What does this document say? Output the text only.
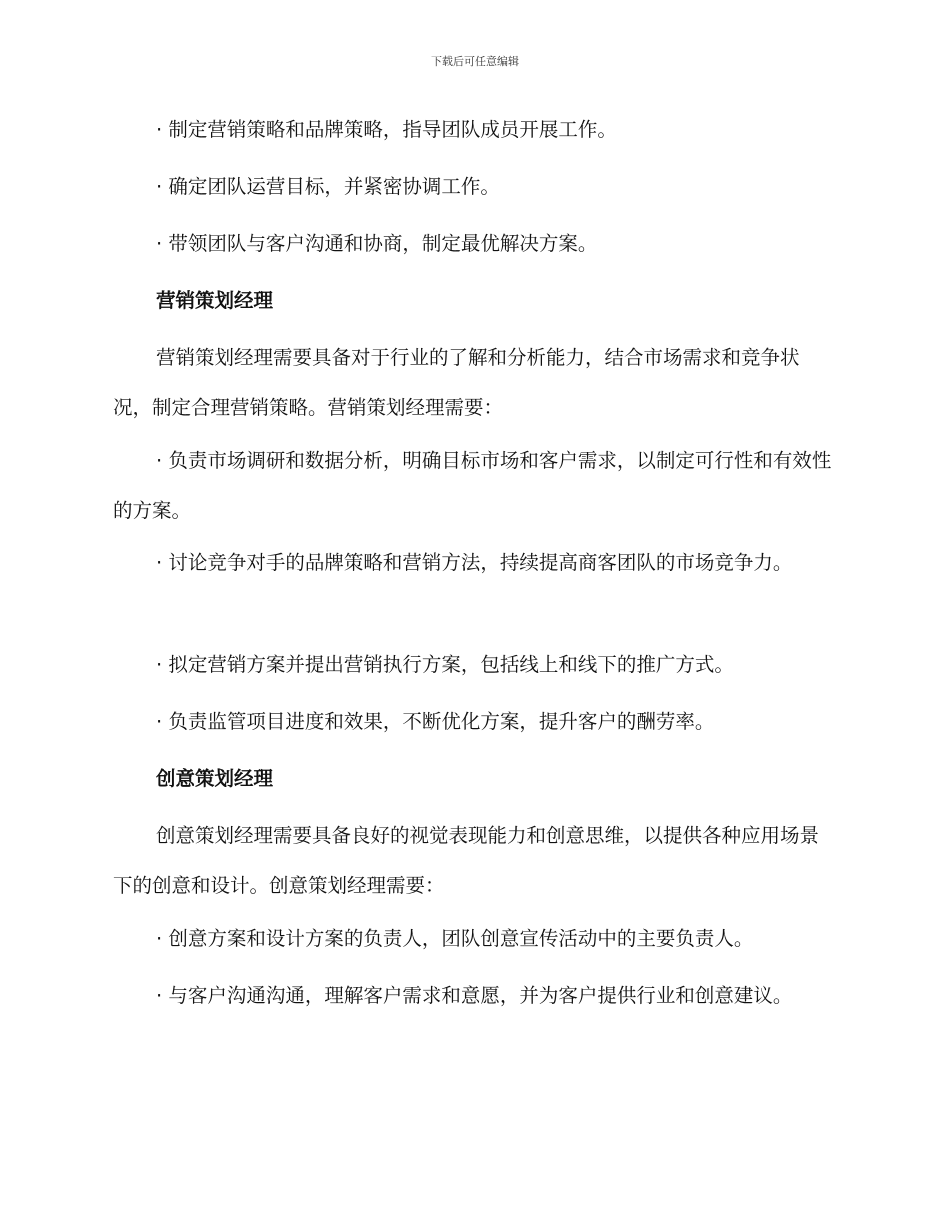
下载后可任意编辑

· 制定营销策略和品牌策略，指导团队成员开展工作。

· 确定团队运营目标，并紧密协调工作。

· 带领团队与客户沟通和协商，制定最优解决方案。

营销策划经理

营销策划经理需要具备对于行业的了解和分析能力，结合市场需求和竞争状况，制定合理营销策略。营销策划经理需要：

· 负责市场调研和数据分析，明确目标市场和客户需求，以制定可行性和有效性的方案。

· 讨论竞争对手的品牌策略和营销方法，持续提高商客团队的市场竞争力。

· 拟定营销方案并提出营销执行方案，包括线上和线下的推广方式。

· 负责监管项目进度和效果，不断优化方案，提升客户的酬劳率。

创意策划经理

创意策划经理需要具备良好的视觉表现能力和创意思维，以提供各种应用场景下的创意和设计。创意策划经理需要：

· 创意方案和设计方案的负责人，团队创意宣传活动中的主要负责人。

· 与客户沟通沟通，理解客户需求和意愿，并为客户提供行业和创意建议。
